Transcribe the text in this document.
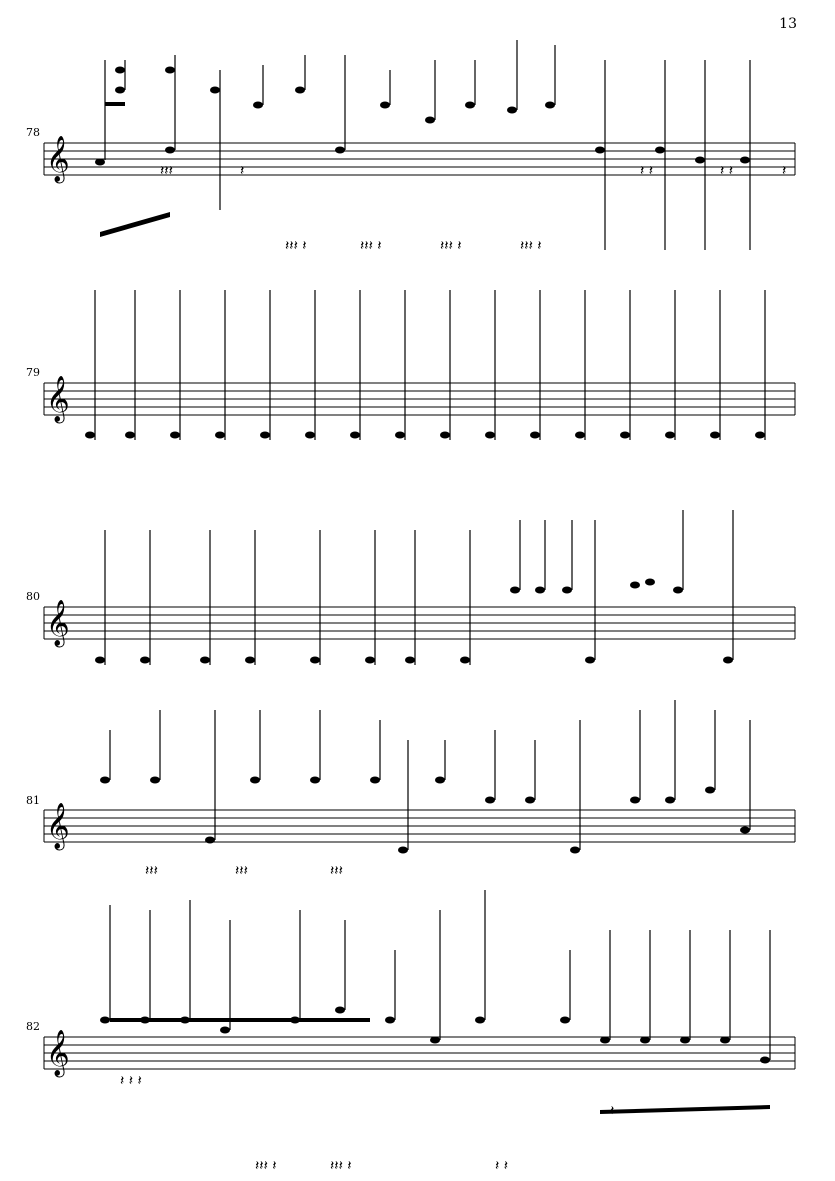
13
78
𝄞	𝄽𝄽𝄽	𝄽
𝄽𝄽𝄽 𝄽	𝄽𝄽𝄽 𝄽	𝄽𝄽𝄽 𝄽	𝄽𝄽𝄽 𝄽
𝄽 𝄽	𝄽 𝄽	𝄽
79
𝄞
80
𝄞
81
𝄞
𝄽𝄽𝄽	𝄽𝄽𝄽	𝄽𝄽𝄽
82
𝄞
𝄽 𝄽 𝄽
𝄽𝄽𝄽 𝄽	𝄽𝄽𝄽 𝄽	𝄽 𝄽
𝄽
